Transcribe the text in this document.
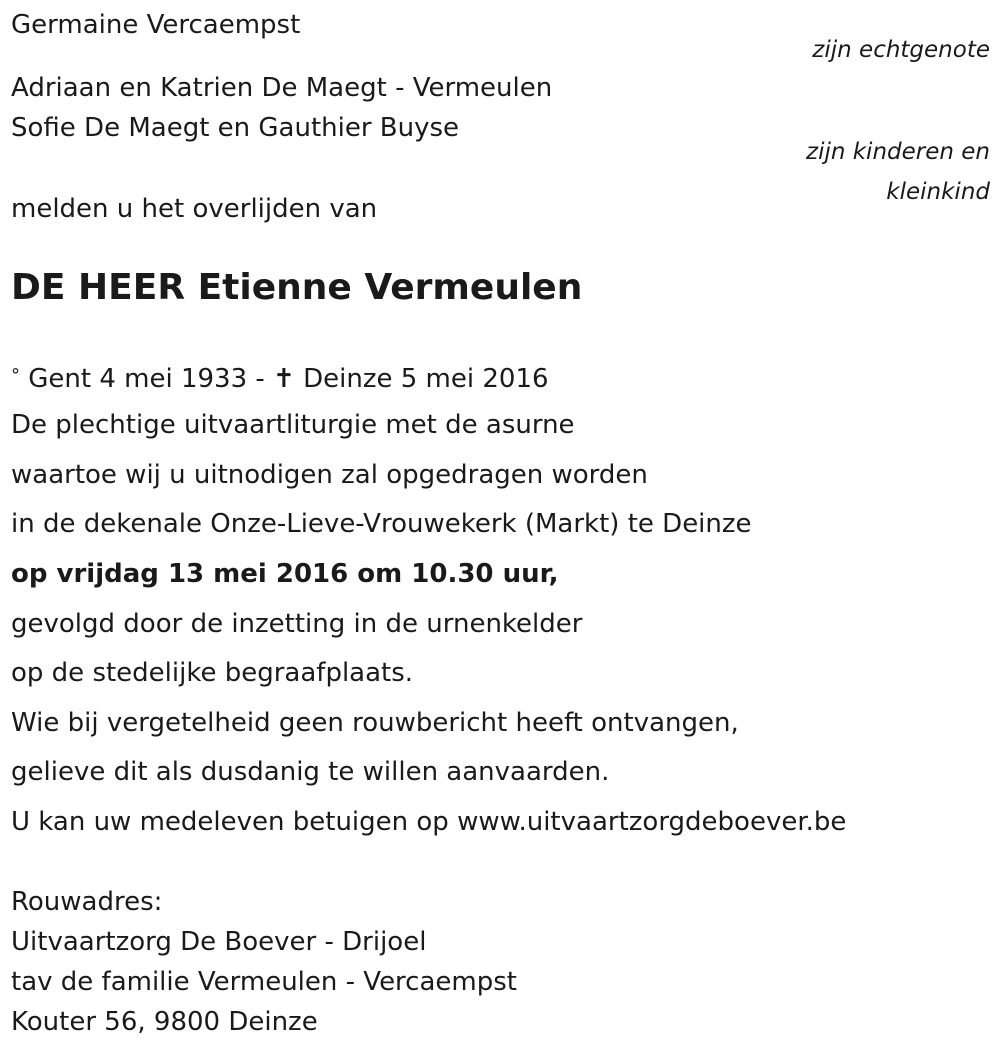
Germaine Vercaempst
zijn echtgenote
Adriaan en Katrien De Maegt - Vermeulen
Sofie De Maegt en Gauthier Buyse
zijn kinderen en
kleinkind
melden u het overlijden van
DE HEER Etienne Vermeulen
° Gent 4 mei 1933 - ✝ Deinze 5 mei 2016
De plechtige uitvaartliturgie met de asurne
waartoe wij u uitnodigen zal opgedragen worden
in de dekenale Onze-Lieve-Vrouwekerk (Markt) te Deinze
op vrijdag 13 mei 2016 om 10.30 uur,
gevolgd door de inzetting in de urnenkelder
op de stedelijke begraafplaats.
Wie bij vergetelheid geen rouwbericht heeft ontvangen,
gelieve dit als dusdanig te willen aanvaarden.
U kan uw medeleven betuigen op www.uitvaartzorgdeboever.be
Rouwadres:
Uitvaartzorg De Boever - Drijoel
tav de familie Vermeulen - Vercaempst
Kouter 56, 9800 Deinze
